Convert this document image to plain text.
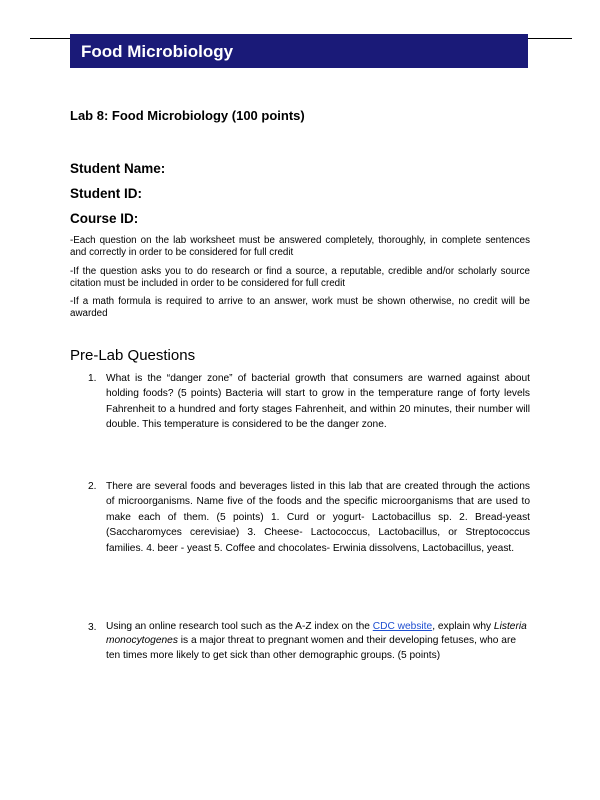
Food Microbiology
Lab 8: Food Microbiology (100 points)
Student Name:
Student ID:
Course ID:
-Each question on the lab worksheet must be answered completely, thoroughly, in complete sentences and correctly in order to be considered for full credit
-If the question asks you to do research or find a source, a reputable, credible and/or scholarly source citation must be included in order to be considered for full credit
-If a math formula is required to arrive to an answer, work must be shown otherwise, no credit will be awarded
Pre-Lab Questions
1. What is the “danger zone” of bacterial growth that consumers are warned against about holding foods? (5 points) Bacteria will start to grow in the temperature range of forty levels Fahrenheit to a hundred and forty stages Fahrenheit, and within 20 minutes, their number will double. This temperature is considered to be the danger zone.
2. There are several foods and beverages listed in this lab that are created through the actions of microorganisms. Name five of the foods and the specific microorganisms that are used to make each of them. (5 points) 1. Curd or yogurt- Lactobacillus sp. 2. Bread-yeast (Saccharomyces cerevisiae) 3. Cheese- Lactococcus, Lactobacillus, or Streptococcus families. 4. beer - yeast 5. Coffee and chocolates- Erwinia dissolvens, Lactobacillus, yeast.
3. Using an online research tool such as the A-Z index on the CDC website, explain why Listeria monocytogenes is a major threat to pregnant women and their developing fetuses, who are ten times more likely to get sick than other demographic groups. (5 points)
